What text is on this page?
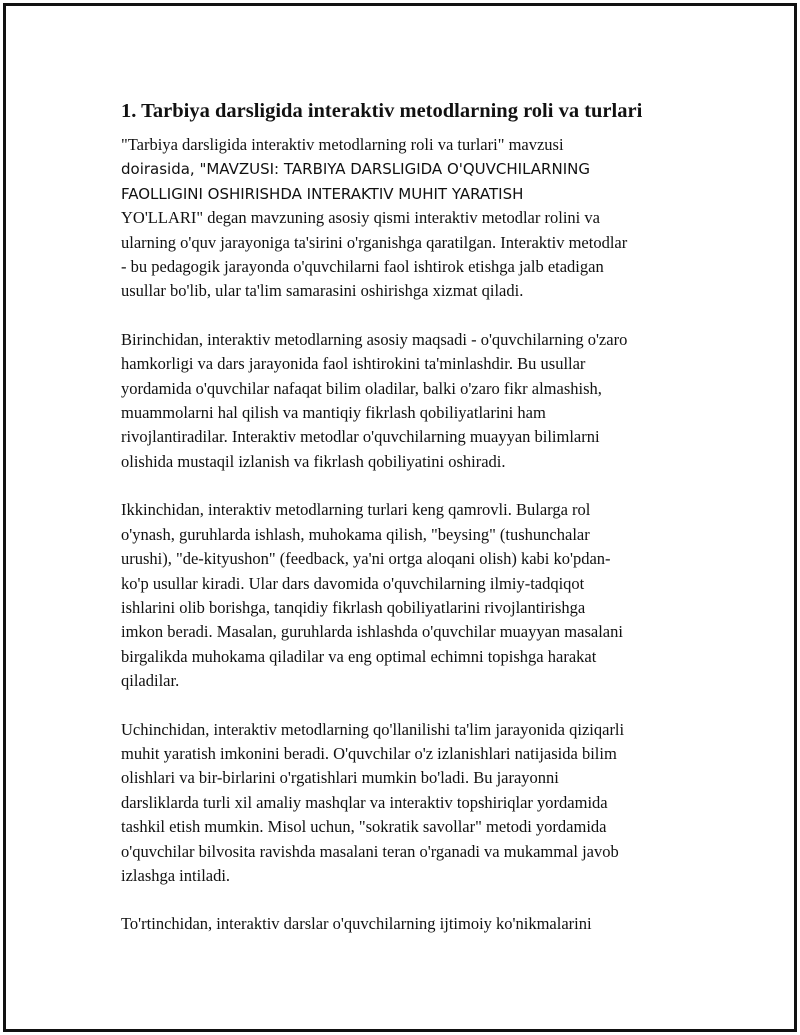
1. Tarbiya darsligida interaktiv metodlarning roli va turlari

"Tarbiya darsligida interaktiv metodlarning roli va turlari" mavzusi
doirasida, "MAVZUSI: TARBIYA DARSLIGIDA O'QUVCHILARNING
FAOLLIGINI OSHIRISHDA INTERAKTIV MUHIT YARATISH
YO'LLARI" degan mavzuning asosiy qismi interaktiv metodlar rolini va
ularning o'quv jarayoniga ta'sirini o'rganishga qaratilgan. Interaktiv metodlar
- bu pedagogik jarayonda o'quvchilarni faol ishtirok etishga jalb etadigan
usullar bo'lib, ular ta'lim samarasini oshirishga xizmat qiladi.

Birinchidan, interaktiv metodlarning asosiy maqsadi - o'quvchilarning o'zaro
hamkorligi va dars jarayonida faol ishtirokini ta'minlashdir. Bu usullar
yordamida o'quvchilar nafaqat bilim oladilar, balki o'zaro fikr almashish,
muammolarni hal qilish va mantiqiy fikrlash qobiliyatlarini ham
rivojlantiradilar. Interaktiv metodlar o'quvchilarning muayyan bilimlarni
olishida mustaqil izlanish va fikrlash qobiliyatini oshiradi.

Ikkinchidan, interaktiv metodlarning turlari keng qamrovli. Bularga rol
o'ynash, guruhlarda ishlash, muhokama qilish, "beysing" (tushunchalar
urushi), "de-kityushon" (feedback, ya'ni ortga aloqani olish) kabi ko'pdan-
ko'p usullar kiradi. Ular dars davomida o'quvchilarning ilmiy-tadqiqot
ishlarini olib borishga, tanqidiy fikrlash qobiliyatlarini rivojlantirishga
imkon beradi. Masalan, guruhlarda ishlashda o'quvchilar muayyan masalani
birgalikda muhokama qiladilar va eng optimal echimni topishga harakat
qiladilar.

Uchinchidan, interaktiv metodlarning qo'llanilishi ta'lim jarayonida qiziqarli
muhit yaratish imkonini beradi. O'quvchilar o'z izlanishlari natijasida bilim
olishlari va bir-birlarini o'rgatishlari mumkin bo'ladi. Bu jarayonni
darsliklarda turli xil amaliy mashqlar va interaktiv topshiriqlar yordamida
tashkil etish mumkin. Misol uchun, "sokratik savollar" metodi yordamida
o'quvchilar bilvosita ravishda masalani teran o'rganadi va mukammal javob
izlashga intiladi.

To'rtinchidan, interaktiv darslar o'quvchilarning ijtimoiy ko'nikmalarini
